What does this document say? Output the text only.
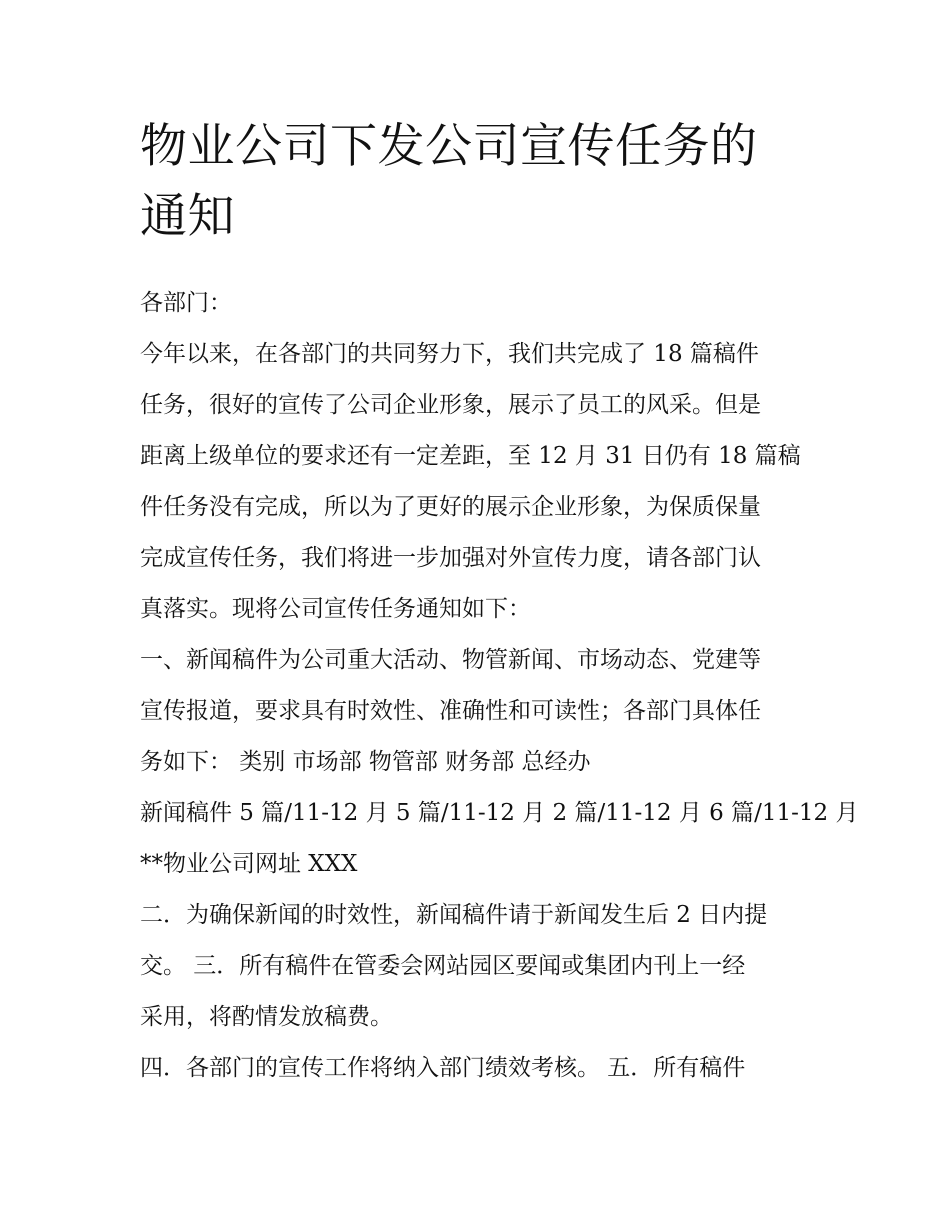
物业公司下发公司宣传任务的
通知

各部门：

今年以来，在各部门的共同努力下，我们共完成了 18 篇稿件

任务，很好的宣传了公司企业形象，展示了员工的风采。但是

距离上级单位的要求还有一定差距，至 12 月 31 日仍有 18 篇稿

件任务没有完成，所以为了更好的展示企业形象，为保质保量

完成宣传任务，我们将进一步加强对外宣传力度，请各部门认

真落实。现将公司宣传任务通知如下：

一、新闻稿件为公司重大活动、物管新闻、市场动态、党建等

宣传报道，要求具有时效性、准确性和可读性；各部门具体任

务如下： 类别 市场部 物管部 财务部 总经办

新闻稿件 5 篇/11-12 月 5 篇/11-12 月 2 篇/11-12 月 6 篇/11-12 月

**物业公司网址 XXX

二．为确保新闻的时效性，新闻稿件请于新闻发生后 2 日内提

交。 三．所有稿件在管委会网站园区要闻或集团内刊上一经

采用，将酌情发放稿费。

四．各部门的宣传工作将纳入部门绩效考核。 五．所有稿件
